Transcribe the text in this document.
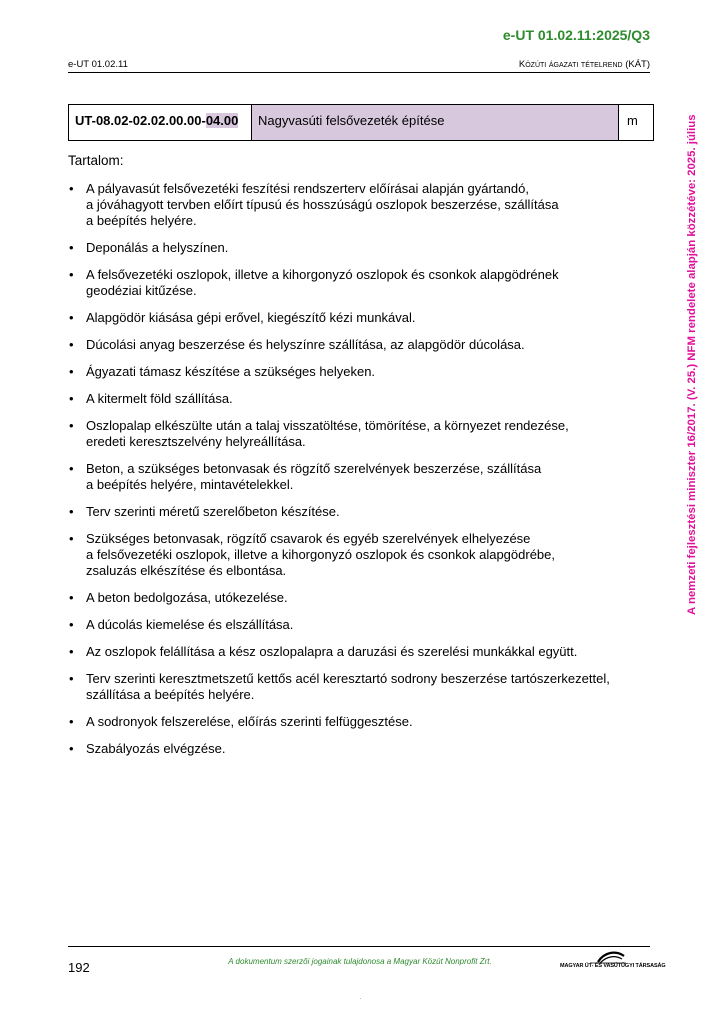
e-UT 01.02.11:2025/Q3
e-UT 01.02.11	Közúti ágazati tételrend (KÁT)
UT-08.02-02.02.00.00-04.00	Nagyvasúti felsővezeték építése	m
Tartalom:
• A pályavasút felsővezetéki feszítési rendszerterv előírásai alapján gyártandó,
a jóváhagyott tervben előírt típusú és hosszúságú oszlopok beszerzése, szállítása
a beépítés helyére.
• Deponálás a helyszínen.
• A felsővezetéki oszlopok, illetve a kihorgonyzó oszlopok és csonkok alapgödrének
geodéziai kitűzése.
• Alapgödör kiásása gépi erővel, kiegészítő kézi munkával.
• Dúcolási anyag beszerzése és helyszínre szállítása, az alapgödör dúcolása.
• Ágyazati támasz készítése a szükséges helyeken.
• A kitermelt föld szállítása.
• Oszlopalap elkészülte után a talaj visszatöltése, tömörítése, a környezet rendezése,
eredeti keresztszelvény helyreállítása.
• Beton, a szükséges betonvasak és rögzítő szerelvények beszerzése, szállítása
a beépítés helyére, mintavételekkel.
• Terv szerinti méretű szerelőbeton készítése.
• Szükséges betonvasak, rögzítő csavarok és egyéb szerelvények elhelyezése
a felsővezetéki oszlopok, illetve a kihorgonyzó oszlopok és csonkok alapgödrébe,
zsaluzás elkészítése és elbontása.
• A beton bedolgozása, utókezelése.
• A dúcolás kiemelése és elszállítása.
• Az oszlopok felállítása a kész oszlopalapra a daruzási és szerelési munkákkal együtt.
• Terv szerinti keresztmetszetű kettős acél keresztartó sodrony beszerzése tartószerkezettel,
szállítása a beépítés helyére.
• A sodronyok felszerelése, előírás szerinti felfüggesztése.
• Szabályozás elvégzése.
A nemzeti fejlesztési miniszter 16/2017. (V. 25.) NFM rendelete alapján közzétéve: 2025. július
192	A dokumentum szerzői jogainak tulajdonosa a Magyar Közút Nonprofit Zrt.	MAGYAR ÚT- ÉS VASÚTÜGYI TÁRSASÁG
·
